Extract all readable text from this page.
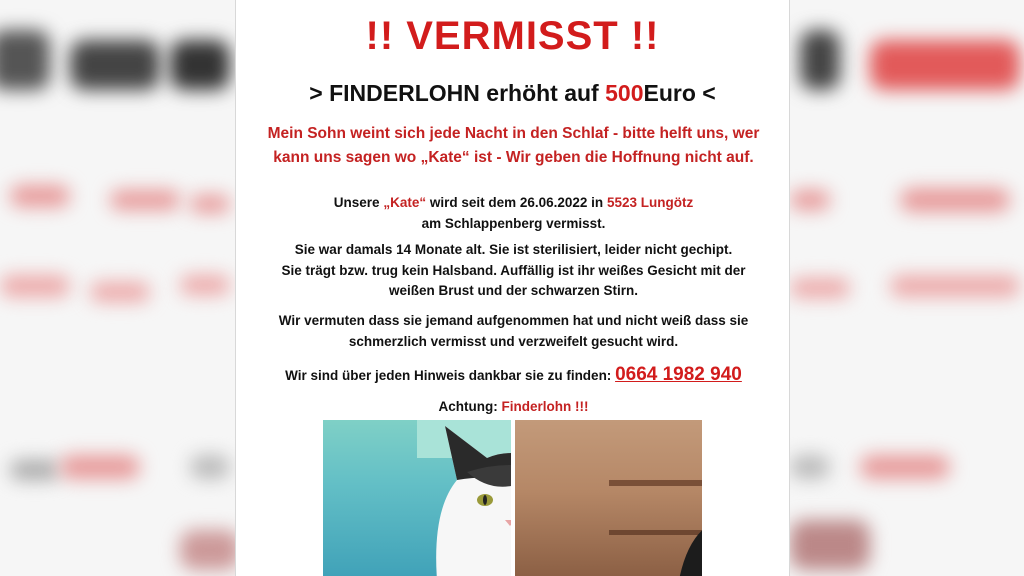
!! VERMISST !!
> FINDERLOHN erhöht auf 500Euro <
Mein Sohn weint sich jede Nacht in den Schlaf - bitte helft uns, wer
kann uns sagen wo „Kate“ ist - Wir geben die Hoffnung nicht auf.
Unsere „Kate“ wird seit dem 26.06.2022 in 5523 Lungötz
am Schlappenberg vermisst.
Sie war damals 14 Monate alt. Sie ist sterilisiert, leider nicht gechipt.
Sie trägt bzw. trug kein Halsband. Auffällig ist ihr weißes Gesicht mit der
weißen Brust und der schwarzen Stirn.
Wir vermuten dass sie jemand aufgenommen hat und nicht weiß dass sie
schmerzlich vermisst und verzweifelt gesucht wird.
Wir sind über jeden Hinweis dankbar sie zu finden: 0664 1982 940
Achtung: Finderlohn !!!
